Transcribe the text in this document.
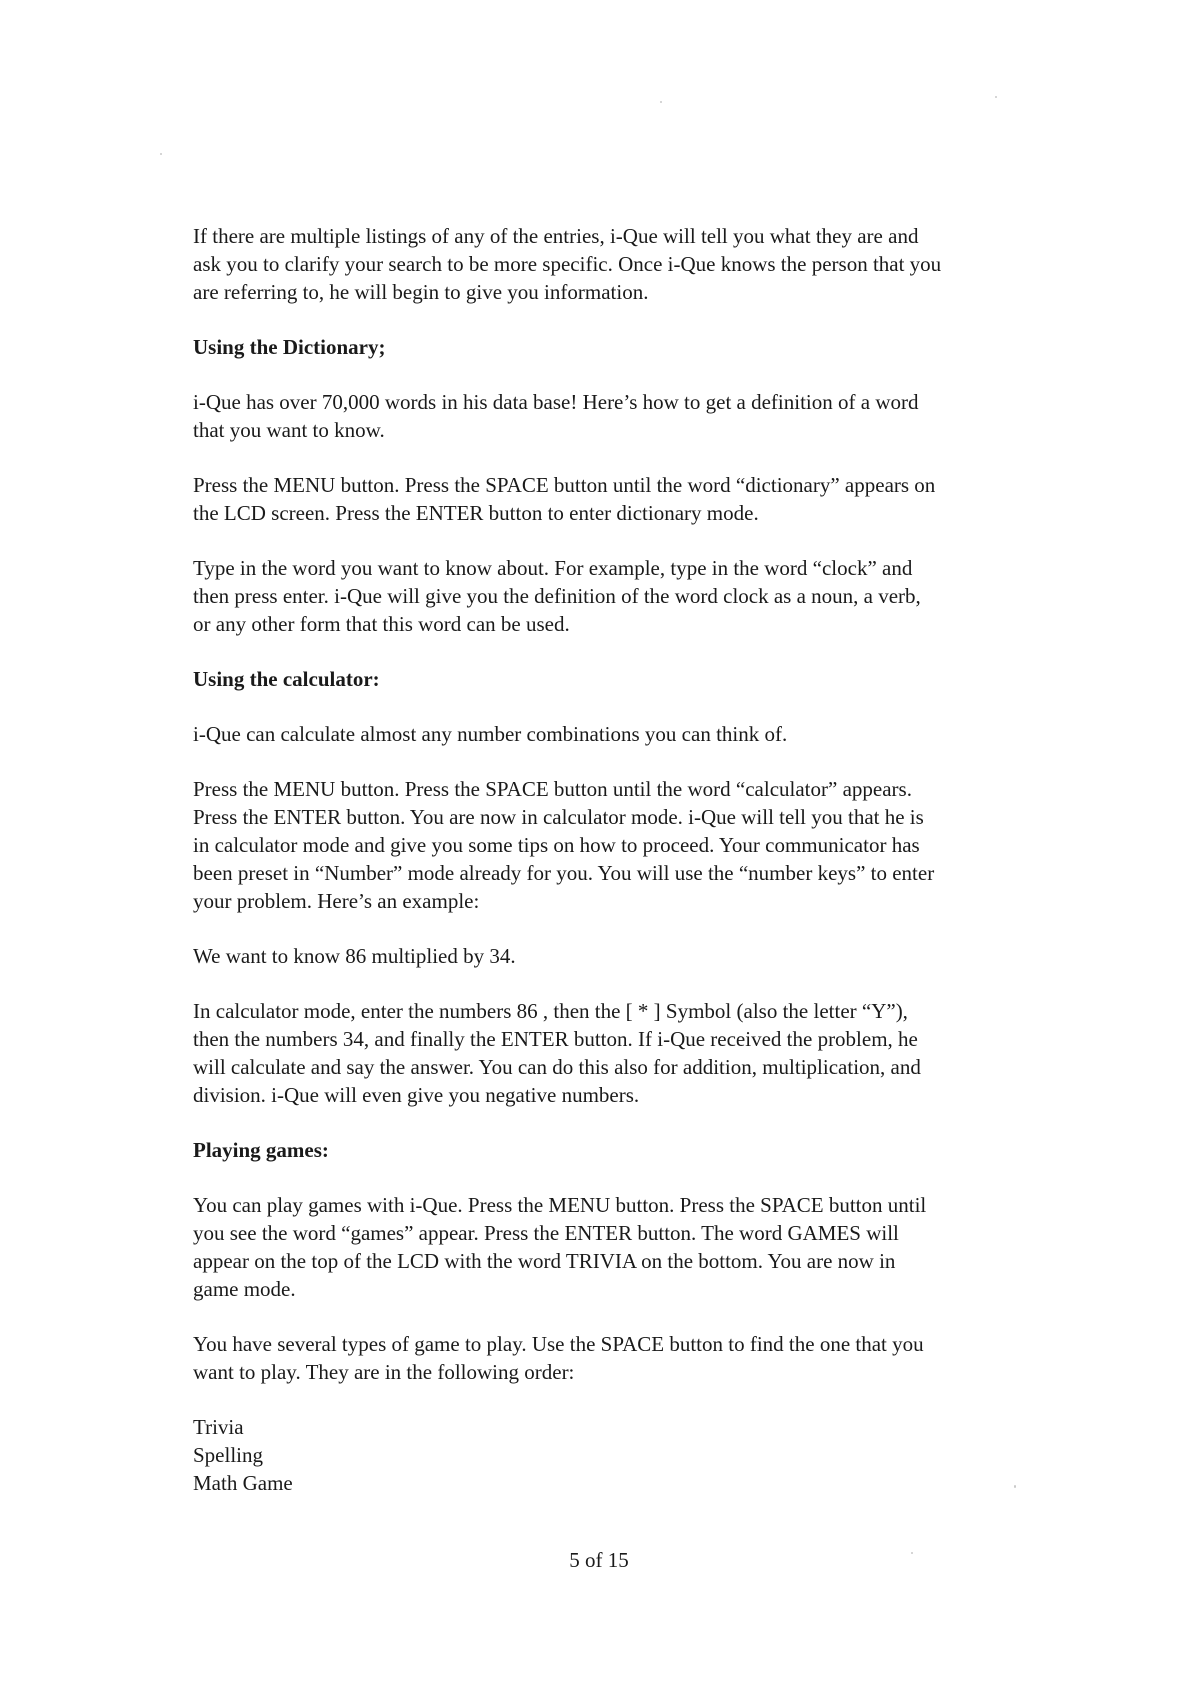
If there are multiple listings of any of the entries, i-Que will tell you what they are and
ask you to clarify your search to be more specific. Once i-Que knows the person that you
are referring to, he will begin to give you information.

Using the Dictionary;

i-Que has over 70,000 words in his data base! Here’s how to get a definition of a word
that you want to know.

Press the MENU button. Press the SPACE button until the word “dictionary” appears on
the LCD screen. Press the ENTER button to enter dictionary mode.

Type in the word you want to know about. For example, type in the word “clock” and
then press enter. i-Que will give you the definition of the word clock as a noun, a verb,
or any other form that this word can be used.

Using the calculator:

i-Que can calculate almost any number combinations you can think of.

Press the MENU button. Press the SPACE button until the word “calculator” appears.
Press the ENTER button. You are now in calculator mode. i-Que will tell you that he is
in calculator mode and give you some tips on how to proceed. Your communicator has
been preset in “Number” mode already for you. You will use the “number keys” to enter
your problem. Here’s an example:

We want to know 86 multiplied by 34.

In calculator mode, enter the numbers 86 , then the [ * ] Symbol (also the letter “Y”),
then the numbers 34, and finally the ENTER button. If i-Que received the problem, he
will calculate and say the answer. You can do this also for addition, multiplication, and
division. i-Que will even give you negative numbers.

Playing games:

You can play games with i-Que. Press the MENU button. Press the SPACE button until
you see the word “games” appear. Press the ENTER button. The word GAMES will
appear on the top of the LCD with the word TRIVIA on the bottom. You are now in
game mode.

You have several types of game to play. Use the SPACE button to find the one that you
want to play. They are in the following order:

Trivia
Spelling
Math Game
5 of 15
